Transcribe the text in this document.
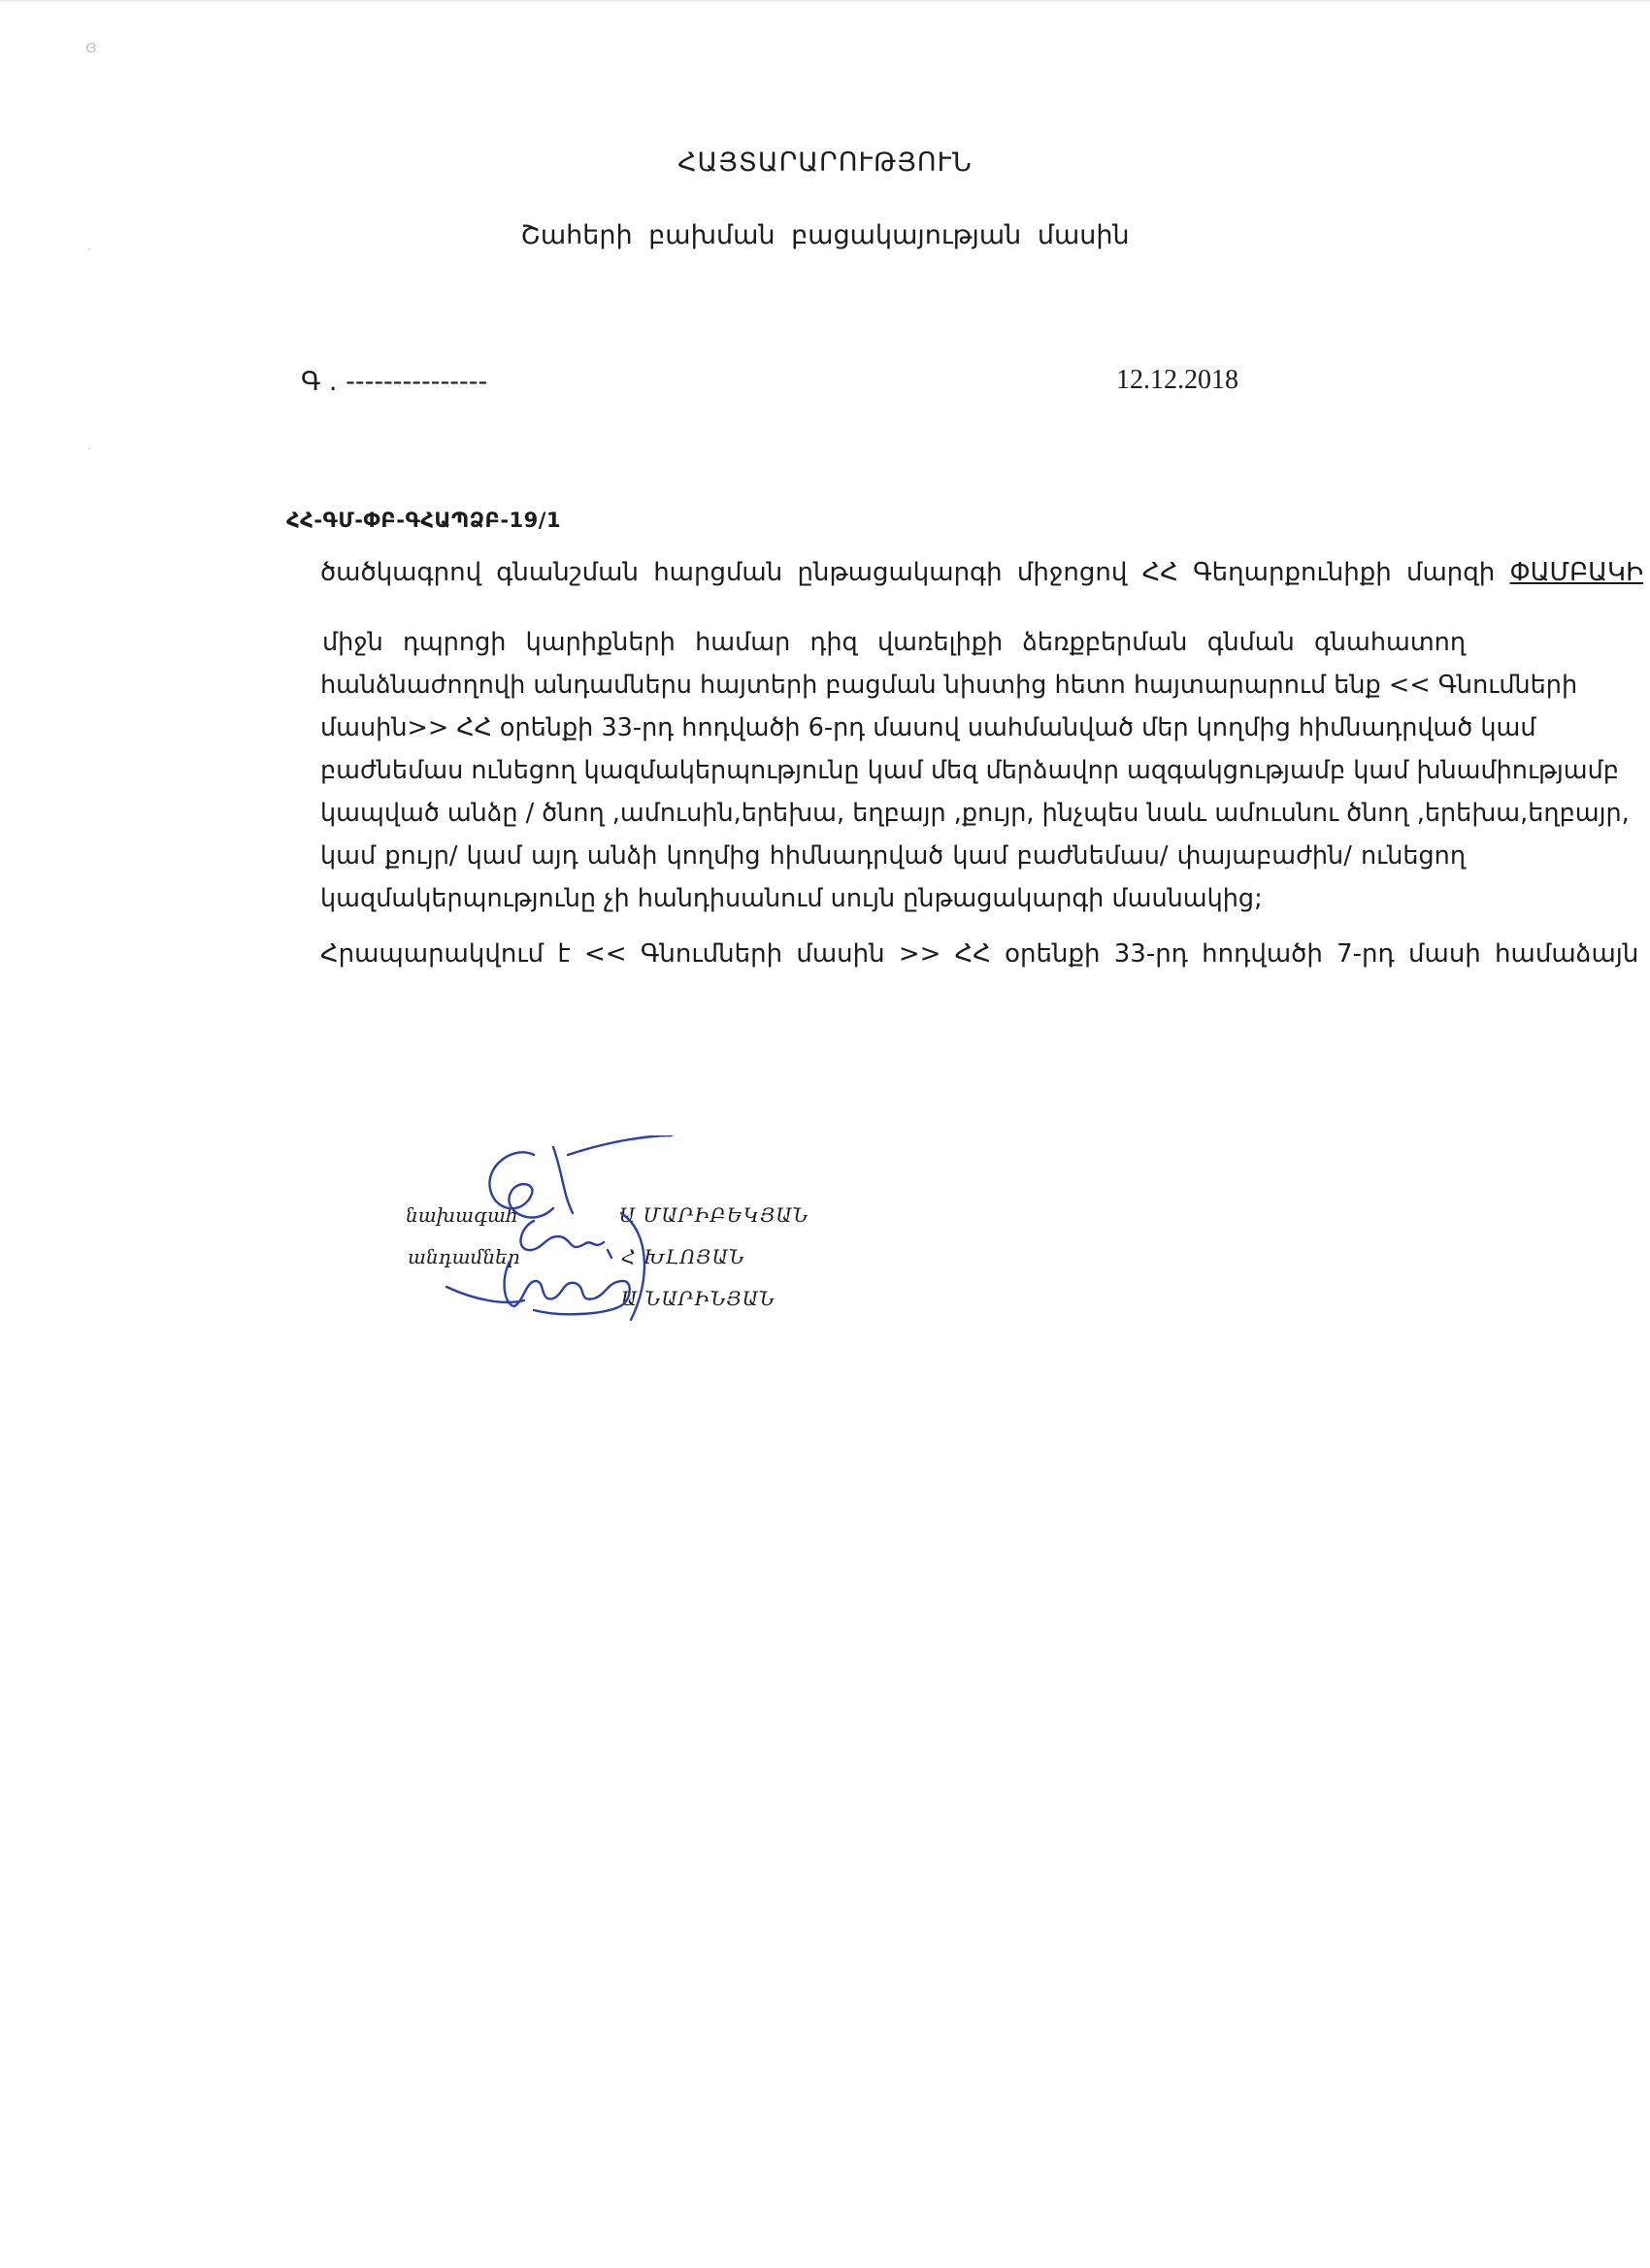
ɞ
·
·
ՀԱՅՏԱՐԱՐՈՒԹՅՈՒՆ
Շահերի բախման բացակայության մասին
Գ . ---------------	12.12.2018
ՀՀ-ԳՄ-ՓԲ-ԳՀԱՊՁԲ-19/1
ծածկագրով գնանշման հարցման ընթացակարգի միջոցով ՀՀ Գեղարքունիքի մարզի ՓԱՄԲԱԿԻ
միջն դպրոցի կարիքների համար դիզ վառելիքի ձեռքբերման գնման գնահատող
հանձնաժողովի անդամներս հայտերի բացման նիստից հետո հայտարարում ենք << Գնումների
մասին>> ՀՀ օրենքի 33-րդ հոդվածի 6-րդ մասով սահմանված մեր կողմից հիմնադրված կամ
բաժնեմաս ունեցող կազմակերպությունը կամ մեզ մերձավոր ազգակցությամբ կամ խնամիությամբ
կապված անձը / ծնող ,ամուսին,երեխա, եղբայր ,քույր, ինչպես նաև ամուսնու ծնող ,երեխա,եղբայր,
կամ քույր/ կամ այդ անձի կողմից հիմնադրված կամ բաժնեմաս/ փայաբաժին/ ունեցող
կազմակերպությունը չի հանդիսանում սույն ընթացակարգի մասնակից;
Հրապարակվում է << Գնումների մասին >> ՀՀ օրենքի 33-րդ հոդվածի 7-րդ մասի համաձայն
նախագահ
անդամներ
Ա ՄԱՐԻԲԵԿՅԱՆ
Հ ԽԼՈՅԱՆ
Ա ՆԱՐԻՆՅԱՆ
